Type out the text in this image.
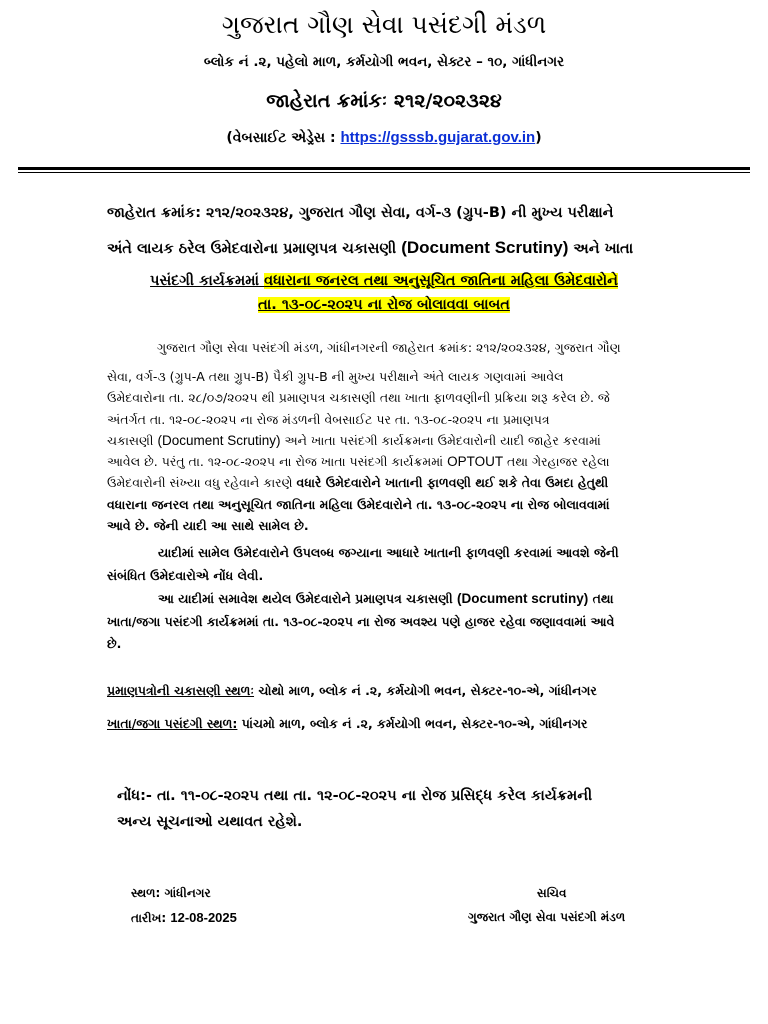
ગુજરાત ગૌણ સેવા પસંદગી મંડળ
બ્લોક નં .૨, પહેલો માળ, કર્મયોગી ભવન, સેક્ટર – ૧૦, ગાંધીનગર
જાહેરાત ક્રમાંકઃ ૨૧૨/૨૦૨૩૨૪
(વેબસાઈટ એડ્રેસ : https://gsssb.gujarat.gov.in)
જાહેરાત ક્રમાંક: ૨૧૨/૨૦૨૩૨૪, ગુજરાત ગૌણ સેવા, વર્ગ-૩ (ગ્રુપ-B) ની મુખ્ય પરીક્ષાને
અંતે લાયક ઠરેલ ઉમેદવારોના પ્રમાણપત્ર ચકાસણી (Document Scrutiny) અને ખાતા
પસંદગી કાર્યક્રમમાં વધારાના જનરલ તથા અનુસૂચિત જાતિના મહિલા ઉમેદવારોને
તા. ૧૩-૦૮-૨૦૨૫ ના રોજ બોલાવવા બાબત
ગુજરાત ગૌણ સેવા પસંદગી મંડળ, ગાંધીનગરની જાહેરાત ક્રમાંક: ૨૧૨/૨૦૨૩૨૪, ગુજરાત ગૌણ
સેવા, વર્ગ-૩ (ગ્રુપ-A તથા ગ્રુપ-B) પૈકી ગ્રુપ-B ની મુખ્ય પરીક્ષાને અંતે લાયક ગણવામાં આવેલ
ઉમેદવારોના તા. ૨૮/૦૭/૨૦૨૫ થી પ્રમાણપત્ર ચકાસણી તથા ખાતા ફાળવણીની પ્રક્રિયા શરૂ કરેલ છે. જે
અંતર્ગત તા. ૧૨-૦૮-૨૦૨૫ ના રોજ મંડળની વેબસાઈટ પર તા. ૧૩-૦૮-૨૦૨૫ ના પ્રમાણપત્ર
ચકાસણી (Document Scrutiny) અને ખાતા પસંદગી કાર્યક્રમના ઉમેદવારોની યાદી જાહેર કરવામાં
આવેલ છે. પરંતુ તા. ૧૨-૦૮-૨૦૨૫ ના રોજ ખાતા પસંદગી કાર્યક્રમમાં OPTOUT તથા ગેરહાજર રહેલા
ઉમેદવારોની સંખ્યા વધુ રહેવાને કારણે વધારે ઉમેદવારોને ખાતાની ફાળવણી થઈ શકે તેવા ઉમદા હેતુથી
વધારાના જનરલ તથા અનુસૂચિત જાતિના મહિલા ઉમેદવારોને તા. ૧૩-૦૮-૨૦૨૫ ના રોજ બોલાવવામાં
આવે છે. જેની યાદી આ સાથે સામેલ છે.
યાદીમાં સામેલ ઉમેદવારોને ઉપલબ્ધ જગ્યાના આધારે ખાતાની ફાળવણી કરવામાં આવશે જેની
સંબંધિત ઉમેદવારોએ નોંધ લેવી.
આ યાદીમાં સમાવેશ થયેલ ઉમેદવારોને પ્રમાણપત્ર ચકાસણી (Document scrutiny) તથા
ખાતા/જગા પસંદગી કાર્યક્રમમાં તા. ૧૩-૦૮-૨૦૨૫ ના રોજ અવશ્ય પણે હાજર રહેવા જણાવવામાં આવે
છે.
પ્રમાણપત્રોની ચકાસણી સ્થળઃ ચોથો માળ, બ્લોક નં .૨, કર્મયોગી ભવન, સેક્ટર-૧૦-એ, ગાંધીનગર
ખાતા/જગા પસંદગી સ્થળ: પાંચમો માળ, બ્લોક નં .૨, કર્મયોગી ભવન, સેક્ટર-૧૦-એ, ગાંધીનગર
નોંધ:- તા. ૧૧-૦૮-૨૦૨૫ તથા તા. ૧૨-૦૮-૨૦૨૫ ના રોજ પ્રસિદ્ધ કરેલ કાર્યક્રમની
અન્ય સૂચનાઓ યથાવત રહેશે.
સ્થળ: ગાંધીનગર
તારીખ: 12-08-2025
સચિવ
ગુજરાત ગૌણ સેવા પસંદગી મંડળ
